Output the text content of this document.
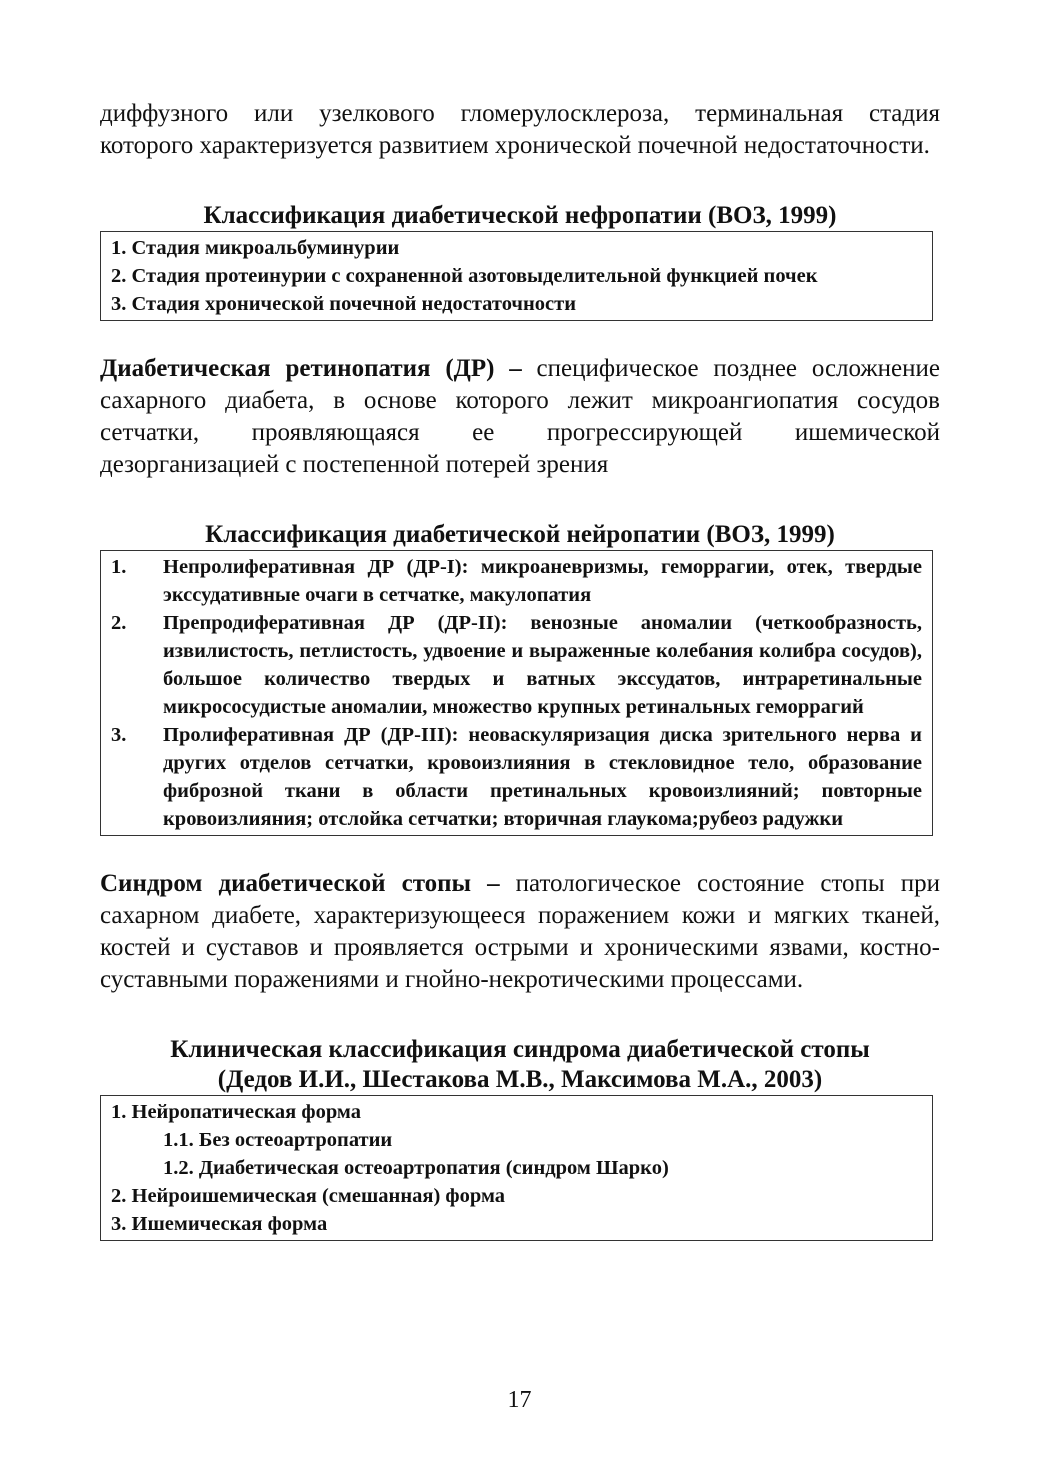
диффузного или узелкового гломерулосклероза, терминальная стадия которого характеризуется развитием хронической почечной недостаточности.

Классификация диабетической нефропатии (ВОЗ, 1999)

1. Стадия микроальбуминурии
2. Стадия протеинурии с сохраненной азотовыделительной функцией почек
3. Стадия хронической почечной недостаточности

Диабетическая ретинопатия (ДР) – специфическое позднее осложнение сахарного диабета, в основе которого лежит микроангиопатия сосудов сетчатки, проявляющаяся ее прогрессирующей ишемической дезорганизацией с постепенной потерей зрения

Классификация диабетической нейропатии (ВОЗ, 1999)

1.	Непролиферативная ДР (ДР-I): микроаневризмы, геморрагии, отек, твердые экссудативные очаги в сетчатке, макулопатия
2.	Препродиферативная ДР (ДР-II): венозные аномалии (четкообразность, извилистость, петлистость, удвоение и выраженные колебания колибра сосудов), большое количество твердых и ватных экссудатов, интраретинальные микрососудистые аномалии, множество крупных ретинальных геморрагий
3.	Пролиферативная ДР (ДР-III): неоваскуляризация диска зрительного нерва и других отделов сетчатки, кровоизлияния в стекловидное тело, образование фиброзной ткани в области претинальных кровоизлияний; повторные кровоизлияния; отслойка сетчатки; вторичная глаукома;рубеоз радужки

Синдром диабетической стопы – патологическое состояние стопы при сахарном диабете, характеризующееся поражением кожи и мягких тканей, костей и суставов и проявляется острыми и хроническими язвами, костно-суставными поражениями и гнойно-некротическими процессами.

Клиническая классификация синдрома диабетической стопы

(Дедов И.И., Шестакова М.В., Максимова М.А., 2003)

1. Нейропатическая форма
1.1. Без остеоартропатии
1.2. Диабетическая остеоартропатия (синдром Шарко)
2. Нейроишемическая (смешанная) форма
3. Ишемическая форма
17
